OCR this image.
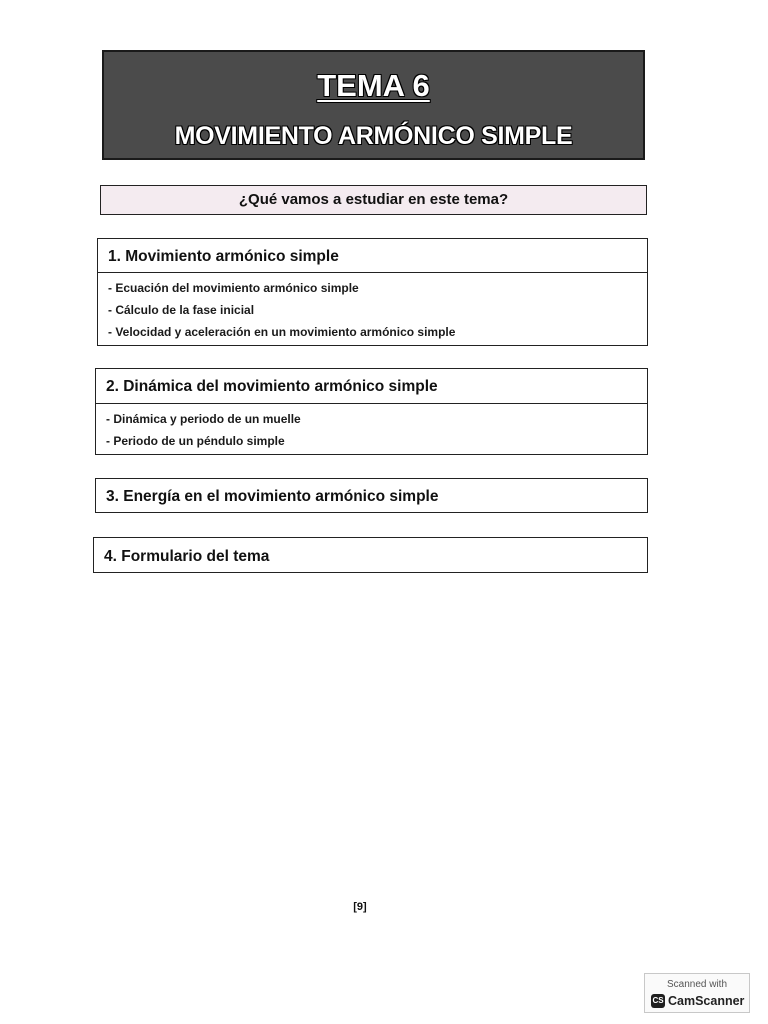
TEMA 6
MOVIMIENTO ARMÓNICO SIMPLE
¿Qué vamos a estudiar en este tema?
1. Movimiento armónico simple
- Ecuación del movimiento armónico simple
- Cálculo de la fase inicial
- Velocidad y aceleración en un movimiento armónico simple
2. Dinámica del movimiento armónico simple
- Dinámica y periodo de un muelle
- Periodo de un péndulo simple
3. Energía en el movimiento armónico simple
4. Formulario del tema
[9]
Scanned with
CS CamScanner
